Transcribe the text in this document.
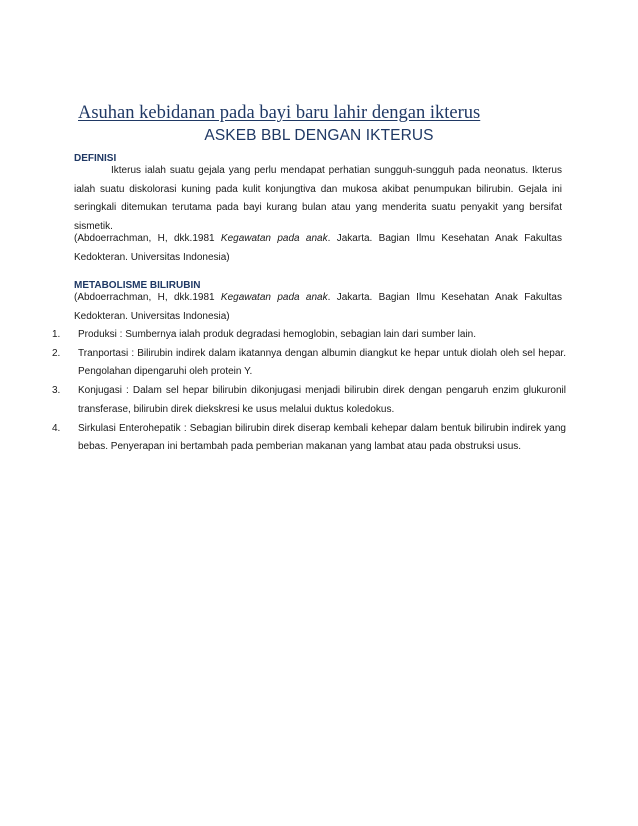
Asuhan kebidanan pada bayi baru lahir dengan ikterus
ASKEB BBL DENGAN IKTERUS

DEFINISI

Ikterus ialah suatu gejala yang perlu mendapat perhatian sungguh-sungguh pada neonatus. Ikterus ialah suatu diskolorasi kuning pada kulit konjungtiva dan mukosa akibat penumpukan bilirubin. Gejala ini seringkali ditemukan terutama pada bayi kurang bulan atau yang menderita suatu penyakit yang bersifat sismetik.

(Abdoerrachman, H, dkk.1981 Kegawatan pada anak. Jakarta. Bagian Ilmu Kesehatan Anak Fakultas Kedokteran. Universitas Indonesia)

METABOLISME BILIRUBIN

(Abdoerrachman, H, dkk.1981 Kegawatan pada anak. Jakarta. Bagian Ilmu Kesehatan Anak Fakultas Kedokteran. Universitas Indonesia)

1.	Produksi : Sumbernya ialah produk degradasi hemoglobin, sebagian lain dari sumber lain.
2.	Tranportasi : Bilirubin indirek dalam ikatannya dengan albumin diangkut ke hepar untuk diolah oleh sel hepar. Pengolahan dipengaruhi oleh protein Y.
3.	Konjugasi : Dalam sel hepar bilirubin dikonjugasi menjadi bilirubin direk dengan pengaruh enzim glukuronil transferase, bilirubin direk diekskresi ke usus melalui duktus koledokus.
4.	Sirkulasi Enterohepatik : Sebagian bilirubin direk diserap kembali kehepar dalam bentuk bilirubin indirek yang bebas. Penyerapan ini bertambah pada pemberian makanan yang lambat atau pada obstruksi usus.
